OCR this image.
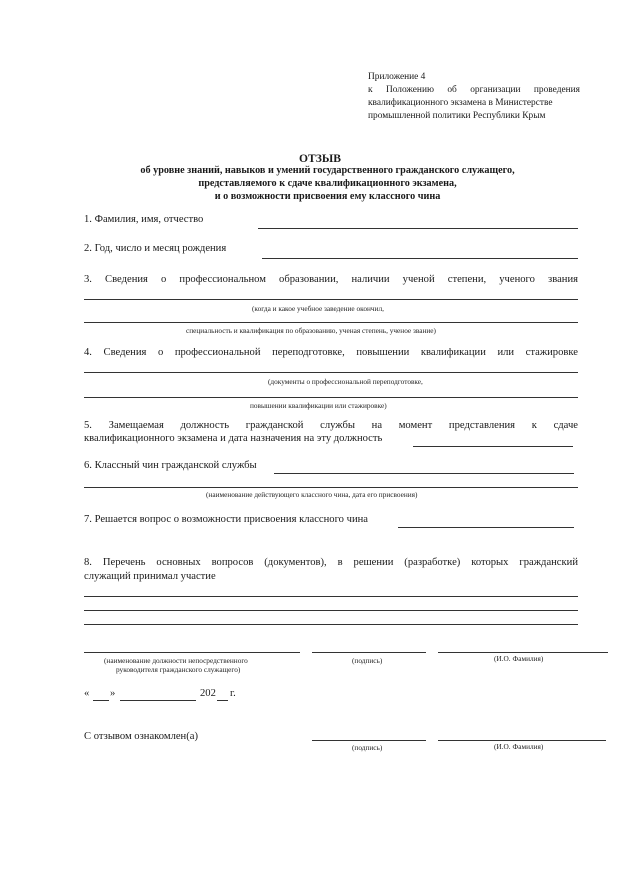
Приложение 4
к Положению об организации проведения
квалификационного экзамена в Министерстве
промышленной политики Республики Крым
ОТЗЫВ
об уровне знаний, навыков и умений государственного гражданского служащего,
представляемого к сдаче квалификационного экзамена,
и о возможности присвоения ему классного чина
1. Фамилия, имя, отчество
2. Год, число и месяц рождения
3. Сведения о профессиональном образовании, наличии ученой степени, ученого звания
(когда и какое учебное заведение окончил,
специальность и квалификация по образованию, ученая степень, ученое звание)
4. Сведения о профессиональной переподготовке, повышении квалификации или стажировке
(документы о профессиональной переподготовке,
повышении квалификации или стажировке)
5. Замещаемая должность гражданской службы на момент представления к сдаче
квалификационного экзамена и дата назначения на эту должность
6. Классный чин гражданской службы
(наименование действующего классного чина, дата его присвоения)
7. Решается вопрос о возможности присвоения классного чина
8. Перечень основных вопросов (документов), в решении (разработке) которых гражданский
служащий принимал участие
(наименование должности непосредственного
руководителя гражданского служащего)
(подпись)	(И.О. Фамилия)
« »	202 г.
С отзывом ознакомлен(а)
(подпись)	(И.О. Фамилия)
